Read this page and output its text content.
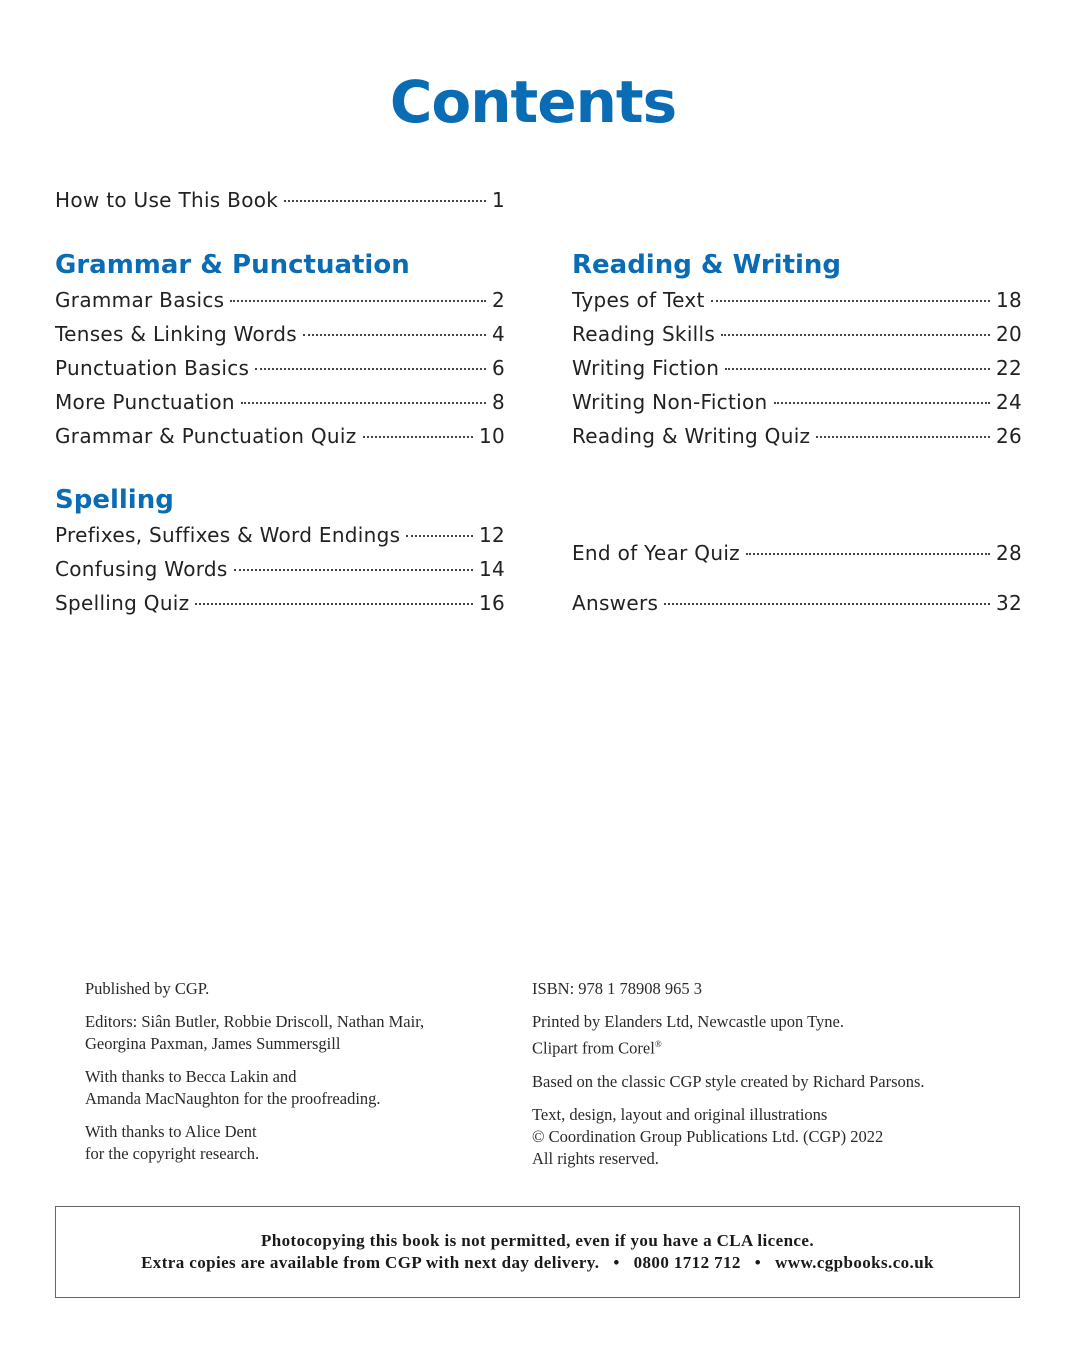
Contents
How to Use This Book	1
Grammar & Punctuation
Grammar Basics	2
Tenses & Linking Words	4
Punctuation Basics	6
More Punctuation	8
Grammar & Punctuation Quiz	10
Spelling
Prefixes, Suffixes & Word Endings	12
Confusing Words	14
Spelling Quiz	16
Reading & Writing
Types of Text	18
Reading Skills	20
Writing Fiction	22
Writing Non-Fiction	24
Reading & Writing Quiz	26
End of Year Quiz	28
Answers	32

Published by CGP.

Editors: Siân Butler, Robbie Driscoll, Nathan Mair,

Georgina Paxman, James Summersgill

With thanks to Becca Lakin and

Amanda MacNaughton for the proofreading.

With thanks to Alice Dent

for the copyright research.

ISBN: 978 1 78908 965 3

Printed by Elanders Ltd, Newcastle upon Tyne.

Clipart from Corel®

Based on the classic CGP style created by Richard Parsons.

Text, design, layout and original illustrations

© Coordination Group Publications Ltd. (CGP) 2022

All rights reserved.

Photocopying this book is not permitted, even if you have a CLA licence.
Extra copies are available from CGP with next day delivery.   •   0800 1712 712   •   www.cgpbooks.co.uk
